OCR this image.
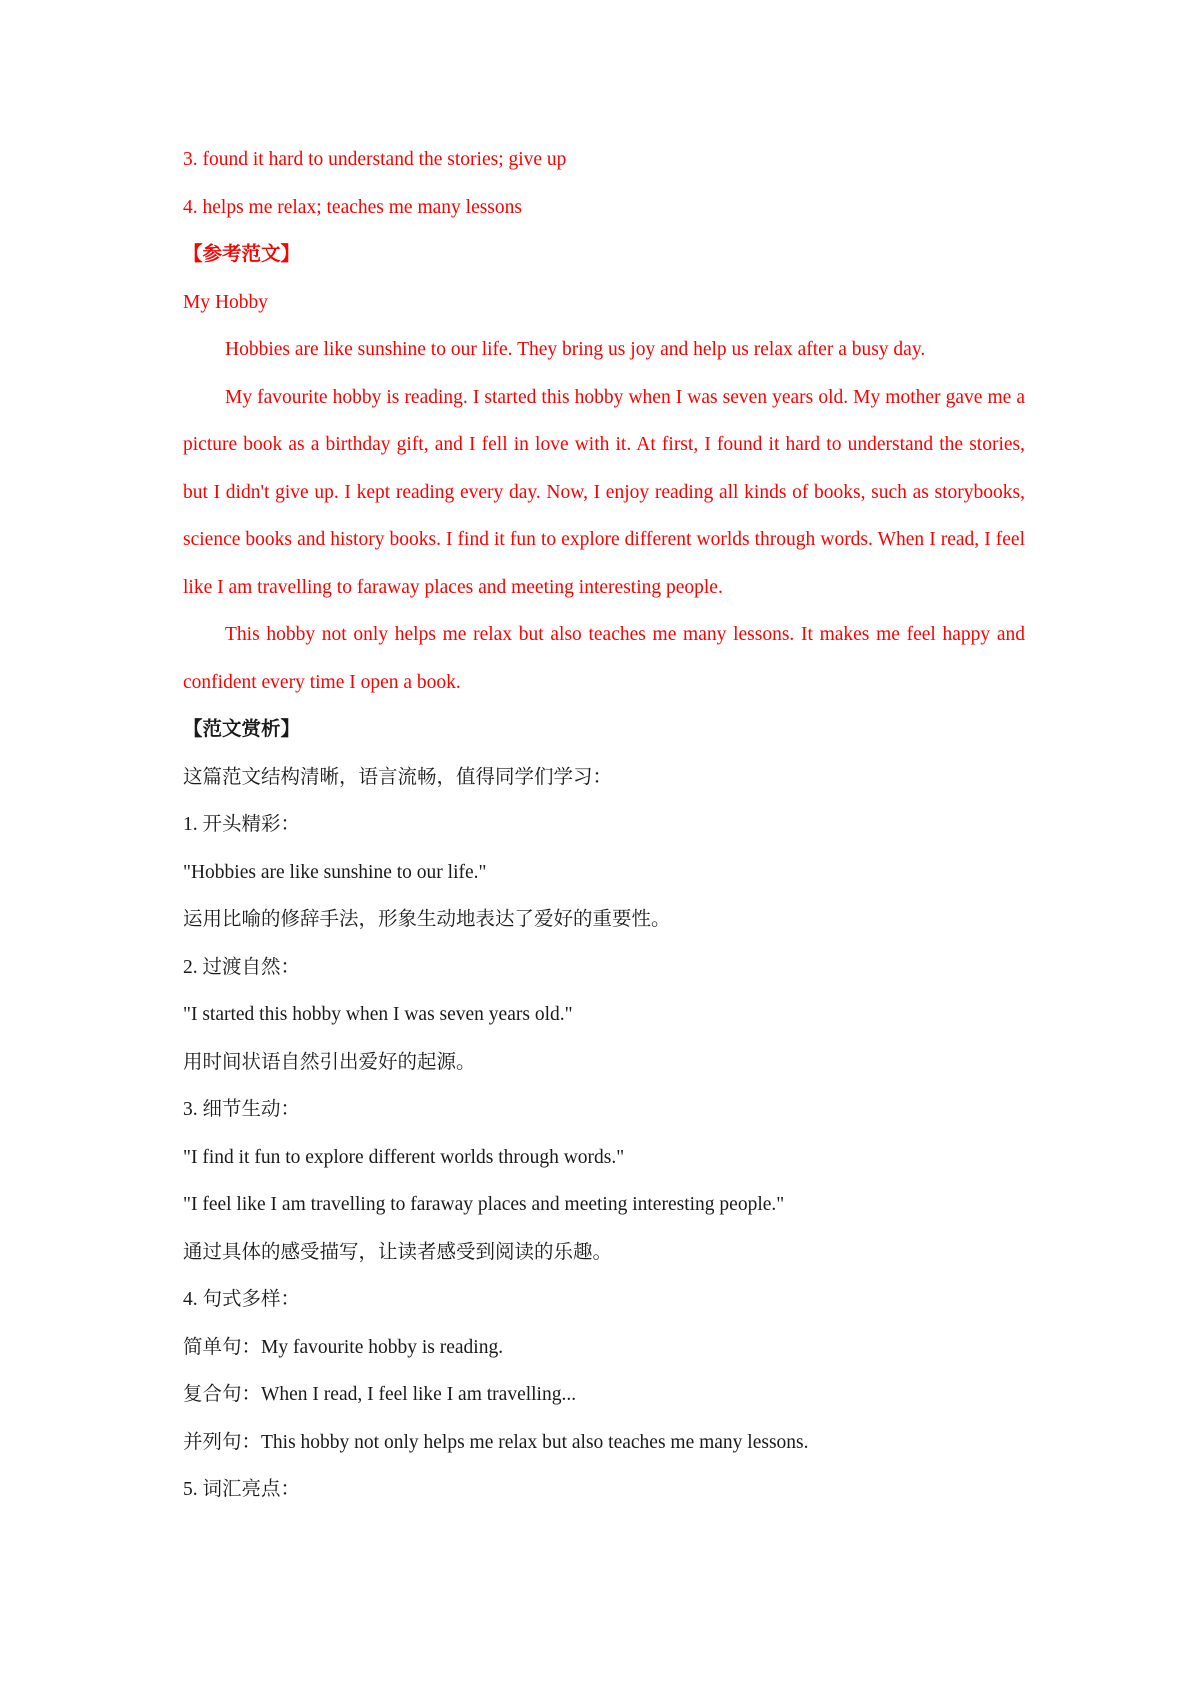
3. found it hard to understand the stories; give up
4. helps me relax; teaches me many lessons
【参考范文】
My Hobby
Hobbies are like sunshine to our life. They bring us joy and help us relax after a busy day.
My favourite hobby is reading. I started this hobby when I was seven years old. My mother gave me a picture book as a birthday gift, and I fell in love with it. At first, I found it hard to understand the stories, but I didn't give up. I kept reading every day. Now, I enjoy reading all kinds of books, such as storybooks, science books and history books. I find it fun to explore different worlds through words. When I read, I feel like I am travelling to faraway places and meeting interesting people.
This hobby not only helps me relax but also teaches me many lessons. It makes me feel happy and confident every time I open a book.
【范文赏析】
这篇范文结构清晰，语言流畅，值得同学们学习：
1. 开头精彩：
"Hobbies are like sunshine to our life."
运用比喻的修辞手法，形象生动地表达了爱好的重要性。
2. 过渡自然：
"I started this hobby when I was seven years old."
用时间状语自然引出爱好的起源。
3. 细节生动：
"I find it fun to explore different worlds through words."
"I feel like I am travelling to faraway places and meeting interesting people."
通过具体的感受描写，让读者感受到阅读的乐趣。
4. 句式多样：
简单句：My favourite hobby is reading.
复合句：When I read, I feel like I am travelling...
并列句：This hobby not only helps me relax but also teaches me many lessons.
5. 词汇亮点：
